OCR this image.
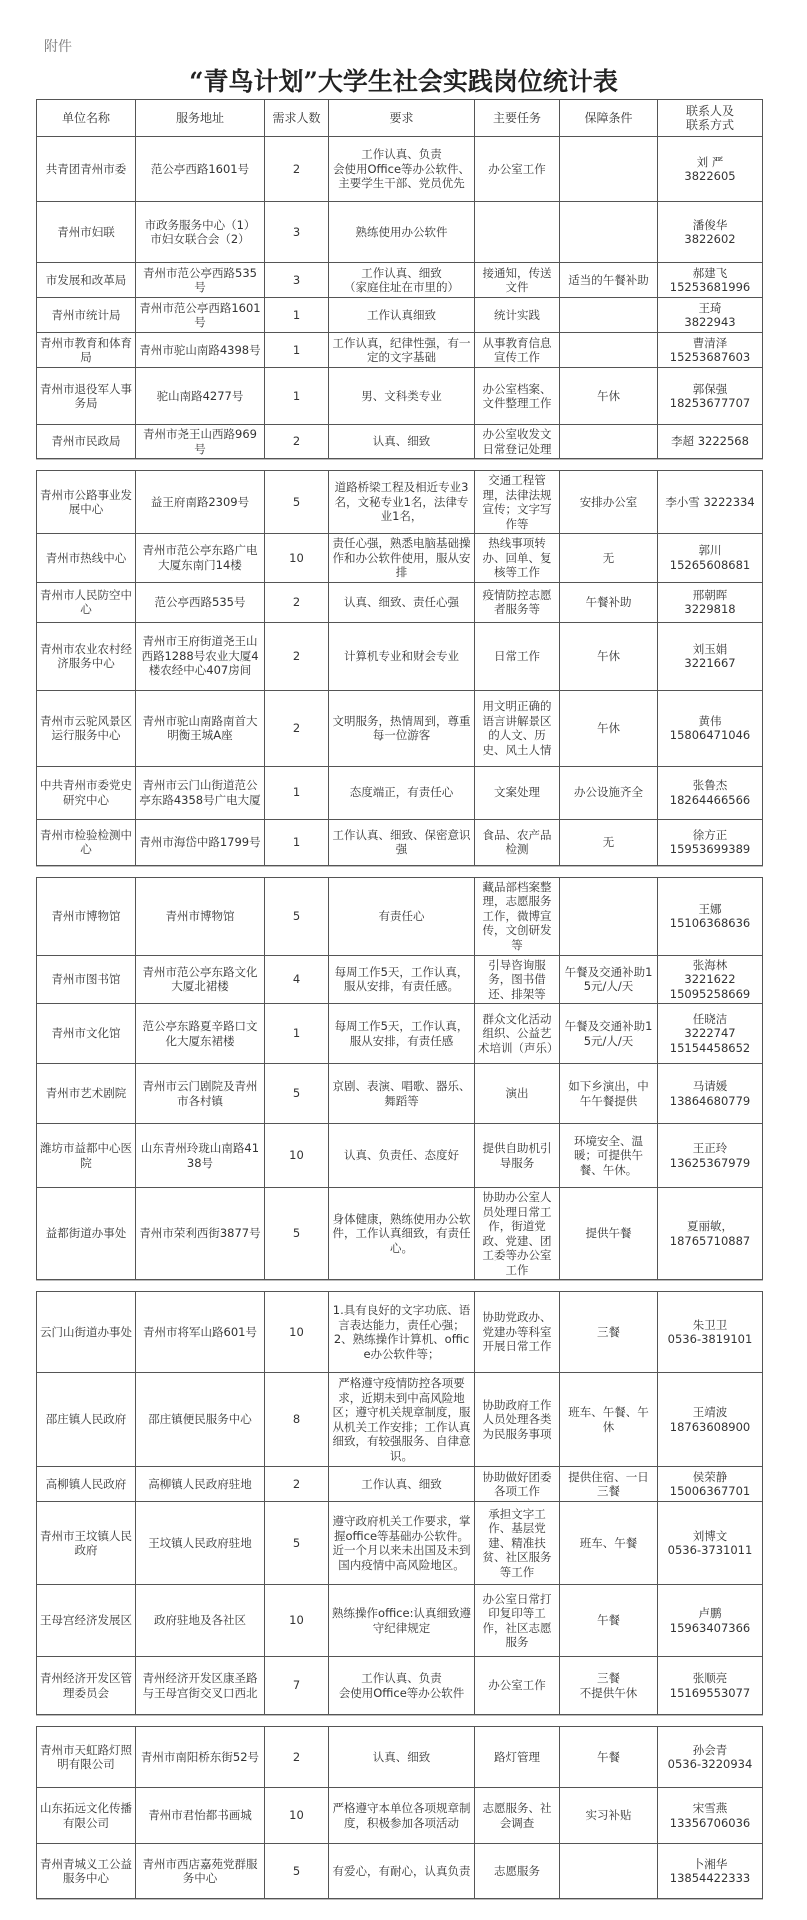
附件
“青鸟计划”大学生社会实践岗位统计表
单位名称	服务地址	需求人数	要求	主要任务	保障条件	联系人及
联系方式
共青团青州市委	范公亭西路1601号	2	工作认真、负责
会使用Office等办公软件、主要学生干部、党员优先	办公室工作		刘 严
3822605
青州市妇联	市政务服务中心（1）
市妇女联合会（2）	3	熟练使用办公软件			潘俊华
3822602
市发展和改革局	青州市范公亭西路535号	3	工作认真、细致
（家庭住址在市里的）	接通知，传送文件	适当的午餐补助	郝建飞
15253681996
青州市统计局	青州市范公亭西路1601号	1	工作认真细致	统计实践		王琦
3822943
青州市教育和体育局	青州市驼山南路4398号	1	工作认真，纪律性强，有一定的文字基础	从事教育信息宣传工作		曹清泽
15253687603
青州市退役军人事务局	驼山南路4277号	1	男、文科类专业	办公室档案、文件整理工作	午休	郭保强
18253677707
青州市民政局	青州市尧王山西路969号	2	认真、细致	办公室收发文日常登记处理		李超 3222568
青州市公路事业发展中心	益王府南路2309号	5	道路桥梁工程及相近专业3名，文秘专业1名，法律专业1名，	交通工程管理，法律法规宣传；文字写作等	安排办公室	李小雪 3222334
青州市热线中心	青州市范公亭东路广电大厦东南门14楼	10	责任心强，熟悉电脑基础操作和办公软件使用，服从安排	热线事项转办、回单、复核等工作	无	郭川
15265608681
青州市人民防空中心	范公亭西路535号	2	认真、细致、责任心强	疫情防控志愿者服务等	午餐补助	邢朝晖
3229818
青州市农业农村经济服务中心	青州市王府街道尧王山西路1288号农业大厦4楼农经中心407房间	2	计算机专业和财会专业	日常工作	午休	刘玉娟
3221667
青州市云驼风景区运行服务中心	青州市驼山南路南首大明衡王城A座	2	文明服务，热情周到，尊重每一位游客	用文明正确的语言讲解景区的人文、历史、风土人情	午休	黄伟
15806471046
中共青州市委党史研究中心	青州市云门山街道范公亭东路4358号广电大厦	1	态度端正，有责任心	文案处理	办公设施齐全	张鲁杰
18264466566
青州市检验检测中心	青州市海岱中路1799号	1	工作认真、细致、保密意识强	食品、农产品检测	无	徐方正
15953699389
青州市博物馆	青州市博物馆	5	有责任心	藏品部档案整理，志愿服务工作，微博宣传，文创研发等		王娜
15106368636
青州市图书馆	青州市范公亭东路文化大厦北裙楼	4	每周工作5天，工作认真，服从安排，有责任感。	引导咨询服务，图书借还、排架等	午餐及交通补助15元/人/天	张海林
3221622
15095258669
青州市文化馆	范公亭东路夏辛路口文化大厦东裙楼	1	每周工作5天，工作认真，服从安排，有责任感	群众文化活动组织、公益艺术培训（声乐）	午餐及交通补助15元/人/天	任晓洁
3222747
15154458652
青州市艺术剧院	青州市云门剧院及青州市各村镇	5	京剧、表演、唱歌、器乐、舞蹈等	演出	如下乡演出，中午午餐提供	马请媛
13864680779
潍坊市益都中心医院	山东青州玲珑山南路4138号	10	认真、负责任、态度好	提供自助机引导服务	环境安全、温暖；可提供午餐、午休。	王正玲
13625367979
益都街道办事处	青州市荣利西街3877号	5	身体健康，熟练使用办公软件，工作认真细致，有责任心。	协助办公室人员处理日常工作，街道党政、党建、团工委等办公室工作	提供午餐	夏丽敏，
18765710887
云门山街道办事处	青州市将军山路601号	10	1.具有良好的文字功底、语言表达能力，责任心强；2、熟练操作计算机、office办公软件等；	协助党政办、党建办等科室开展日常工作	三餐	朱卫卫
0536-3819101
邵庄镇人民政府	邵庄镇便民服务中心	8	严格遵守疫情防控各项要求，近期未到中高风险地区；遵守机关规章制度，服从机关工作安排；工作认真细致，有较强服务、自律意识。	协助政府工作人员处理各类为民服务事项	班车、午餐、午休	王靖波
18763608900
高柳镇人民政府	高柳镇人民政府驻地	2	工作认真、细致	协助做好团委各项工作	提供住宿、一日三餐	侯荣静
15006367701
青州市王坟镇人民政府	王坟镇人民政府驻地	5	遵守政府机关工作要求，掌握office等基础办公软件。近一个月以来未出国及未到国内疫情中高风险地区。	承担文字工作、基层党建、精准扶贫、社区服务等工作	班车、午餐	刘博文
0536-3731011
王母宫经济发展区	政府驻地及各社区	10	熟练操作office:认真细致遵守纪律规定	办公室日常打印复印等工作，社区志愿服务	午餐	卢鹏
15963407366
青州经济开发区管理委员会	青州经济开发区康圣路与王母宫街交叉口西北	7	工作认真、负责
会使用Office等办公软件	办公室工作	三餐
不提供午休	张顺亮
15169553077
青州市天虹路灯照明有限公司	青州市南阳桥东街52号	2	认真、细致	路灯管理	午餐	孙会青
0536-3220934
山东拓远文化传播有限公司	青州市君怡都书画城	10	严格遵守本单位各项规章制度，积极参加各项活动	志愿服务、社会调查	实习补贴	宋雪燕
13356706036
青州青城义工公益服务中心	青州市西店嘉苑党群服务中心	5	有爱心，有耐心，认真负责	志愿服务		卜湘华
13854422333
